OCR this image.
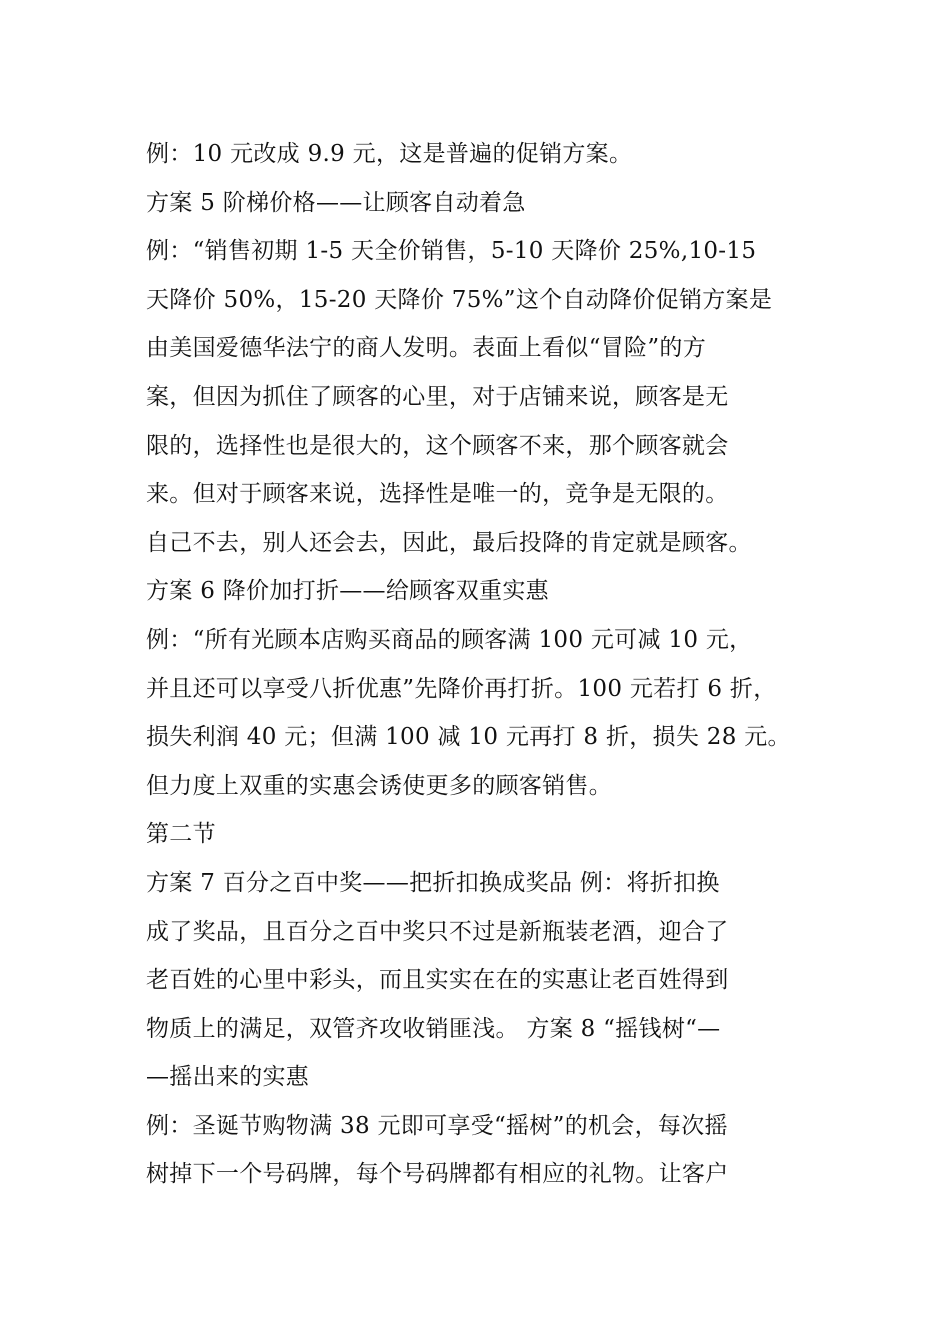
例：10 元改成 9.9 元，这是普遍的促销方案。
方案 5 阶梯价格——让顾客自动着急
例：“销售初期 1-5 天全价销售，5-10 天降价 25%,10-15
天降价 50%，15-20 天降价 75%”这个自动降价促销方案是
由美国爱德华法宁的商人发明。表面上看似“冒险”的方
案，但因为抓住了顾客的心里，对于店铺来说，顾客是无
限的，选择性也是很大的，这个顾客不来，那个顾客就会
来。但对于顾客来说，选择性是唯一的，竞争是无限的。
自己不去，别人还会去，因此，最后投降的肯定就是顾客。
方案 6 降价加打折——给顾客双重实惠
例：“所有光顾本店购买商品的顾客满 100 元可减 10 元，
并且还可以享受八折优惠”先降价再打折。100 元若打 6 折，
损失利润 40 元；但满 100 减 10 元再打 8 折，损失 28 元。
但力度上双重的实惠会诱使更多的顾客销售。
第二节
方案 7 百分之百中奖——把折扣换成奖品 例：将折扣换
成了奖品，且百分之百中奖只不过是新瓶装老酒，迎合了
老百姓的心里中彩头，而且实实在在的实惠让老百姓得到
物质上的满足，双管齐攻收销匪浅。 方案 8 “摇钱树“—
—摇出来的实惠
例：圣诞节购物满 38 元即可享受“摇树”的机会，每次摇
树掉下一个号码牌，每个号码牌都有相应的礼物。让客户
